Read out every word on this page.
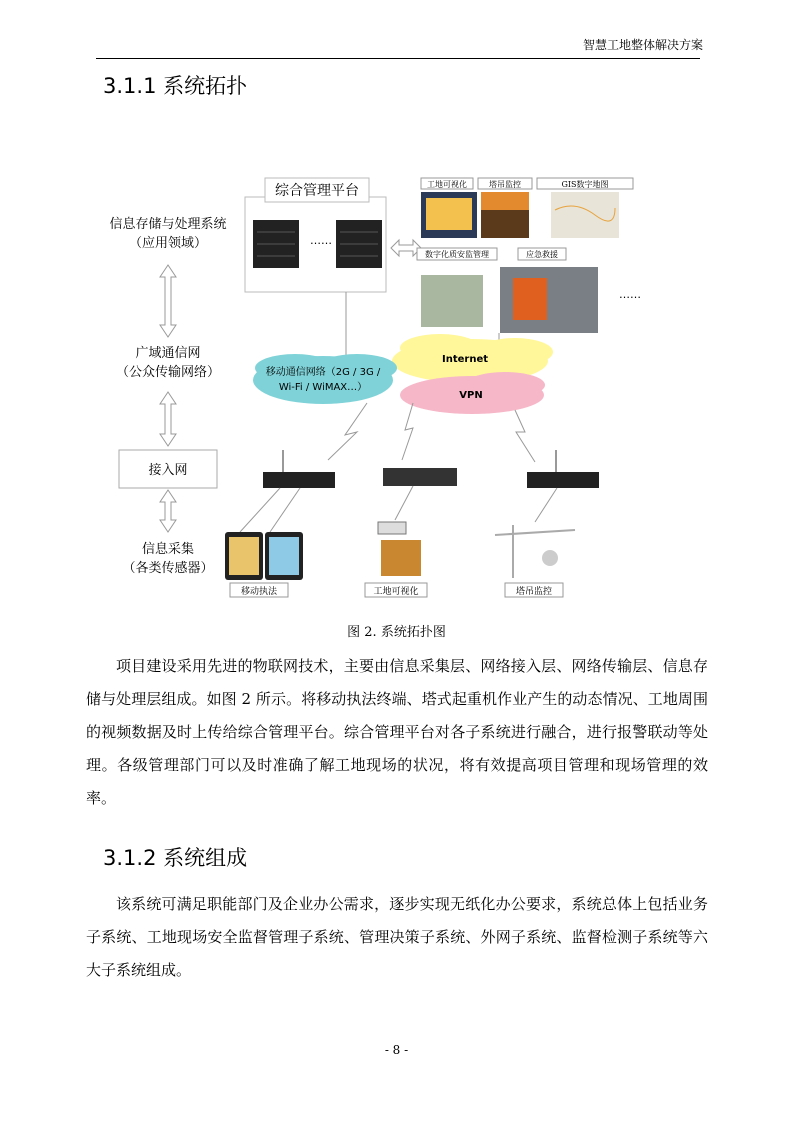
智慧工地整体解决方案
3.1.1 系统拓扑
信息存储与处理系统
（应用领域）
广域通信网
（公众传输网络）
接入网
信息采集
（各类传感器）
综合管理平台
……
工地可视化	塔吊监控	GIS数字地图
数字化质安监管理	应急救援
……
Internet
VPN
移动通信网络（2G / 3G /
Wi-Fi / WiMAX…）
移动执法	工地可视化	塔吊监控
图 2. 系统拓扑图
项目建设采用先进的物联网技术，主要由信息采集层、网络接入层、网络传输层、信息存储与处理层组成。如图 2 所示。将移动执法终端、塔式起重机作业产生的动态情况、工地周围的视频数据及时上传给综合管理平台。综合管理平台对各子系统进行融合，进行报警联动等处理。各级管理部门可以及时准确了解工地现场的状况，将有效提高项目管理和现场管理的效率。
3.1.2 系统组成
该系统可满足职能部门及企业办公需求，逐步实现无纸化办公要求，系统总体上包括业务子系统、工地现场安全监督管理子系统、管理决策子系统、外网子系统、监督检测子系统等六大子系统组成。
- 8 -
